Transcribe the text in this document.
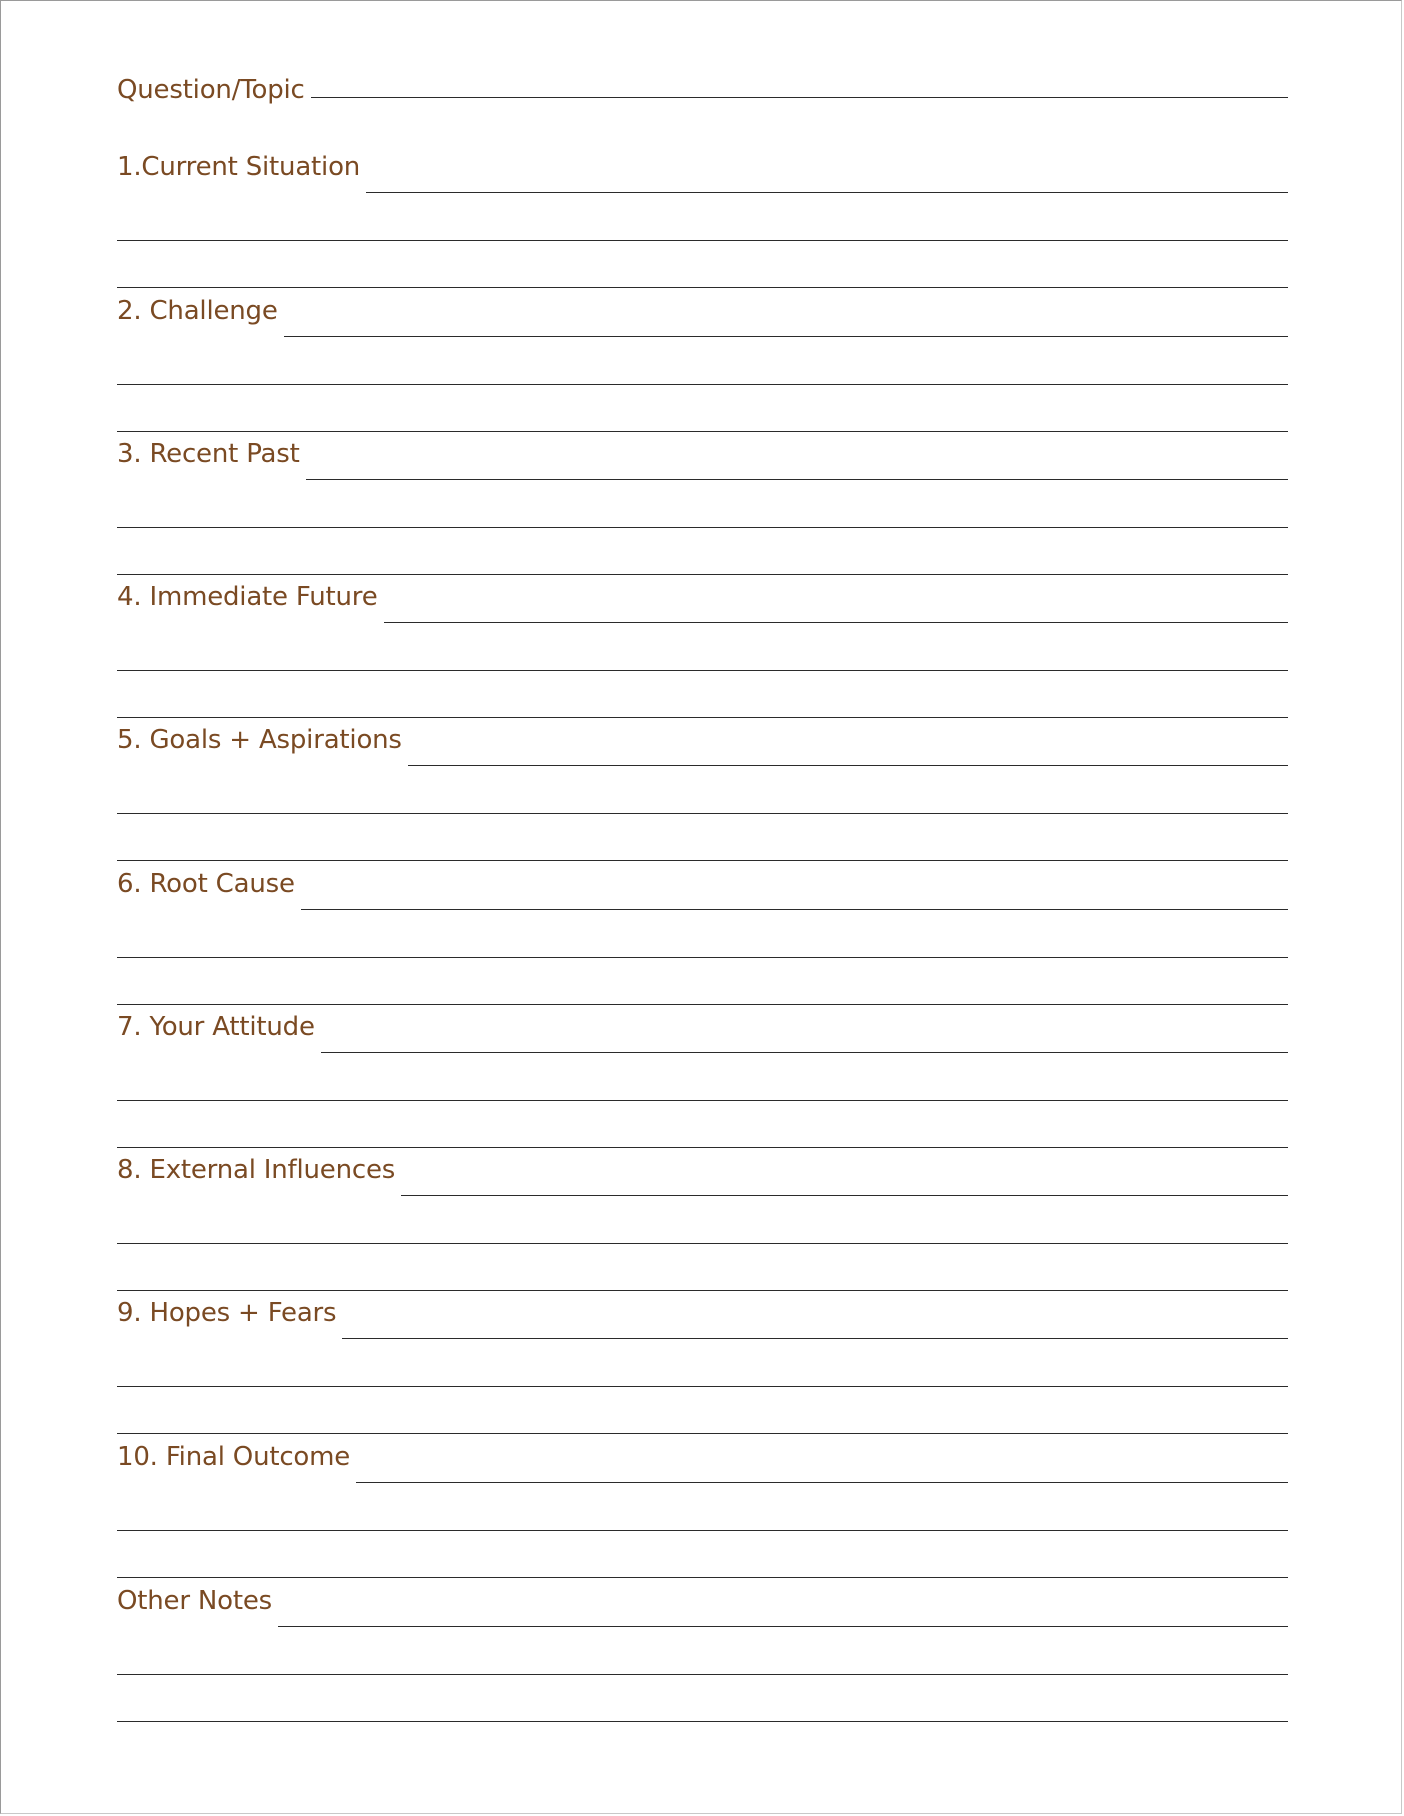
Question/Topic
1.Current Situation
2. Challenge
3. Recent Past
4. Immediate Future
5. Goals + Aspirations
6. Root Cause
7. Your Attitude
8. External Influences
9. Hopes + Fears
10. Final Outcome
Other Notes
